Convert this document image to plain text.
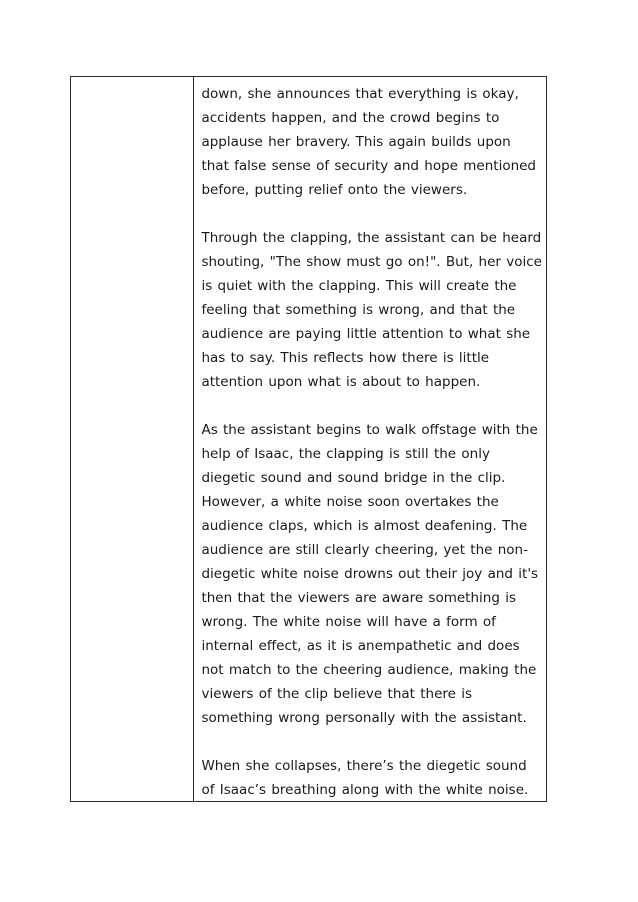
down, she announces that everything is okay,
accidents happen, and the crowd begins to
applause her bravery. This again builds upon
that false sense of security and hope mentioned
before, putting relief onto the viewers.

Through the clapping, the assistant can be heard
shouting, "The show must go on!". But, her voice
is quiet with the clapping. This will create the
feeling that something is wrong, and that the
audience are paying little attention to what she
has to say. This reflects how there is little
attention upon what is about to happen.

As the assistant begins to walk offstage with the
help of Isaac, the clapping is still the only
diegetic sound and sound bridge in the clip.
However, a white noise soon overtakes the
audience claps, which is almost deafening. The
audience are still clearly cheering, yet the non-
diegetic white noise drowns out their joy and it's
then that the viewers are aware something is
wrong. The white noise will have a form of
internal effect, as it is anempathetic and does
not match to the cheering audience, making the
viewers of the clip believe that there is
something wrong personally with the assistant.

When she collapses, there’s the diegetic sound
of Isaac’s breathing along with the white noise.
